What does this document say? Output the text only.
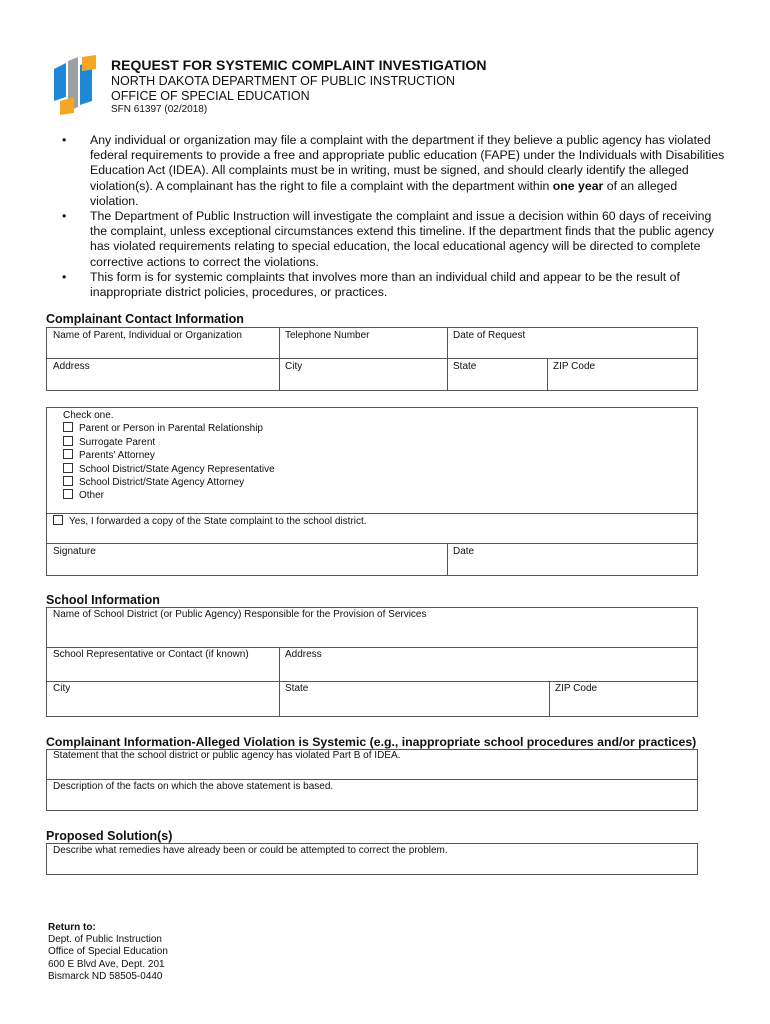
REQUEST FOR SYSTEMIC COMPLAINT INVESTIGATION
NORTH DAKOTA DEPARTMENT OF PUBLIC INSTRUCTION
OFFICE OF SPECIAL EDUCATION
SFN 61397 (02/2018)
•	Any individual or organization may file a complaint with the department if they believe a public agency has violated federal requirements to provide a free and appropriate public education (FAPE) under the Individuals with Disabilities Education Act (IDEA). All complaints must be in writing, must be signed, and should clearly identify the alleged violation(s). A complainant has the right to file a complaint with the department within one year of an alleged violation.
•	The Department of Public Instruction will investigate the complaint and issue a decision within 60 days of receiving the complaint, unless exceptional circumstances extend this timeline. If the department finds that the public agency has violated requirements relating to special education, the local educational agency will be directed to complete corrective actions to correct the violations.
•	This form is for systemic complaints that involves more than an individual child and appear to be the result of inappropriate district policies, procedures, or practices.
Complainant Contact Information
Name of Parent, Individual or Organization	Telephone Number	Date of Request
Address	City	State	ZIP Code
Check one.
Parent or Person in Parental Relationship
Surrogate Parent
Parents' Attorney
School District/State Agency Representative
School District/State Agency Attorney
Other
Yes, I forwarded a copy of the State complaint to the school district.
Signature	Date
School Information
Name of School District (or Public Agency) Responsible for the Provision of Services
School Representative or Contact (if known)	Address
City	State	ZIP Code
Complainant Information-Alleged Violation is Systemic (e.g., inappropriate school procedures and/or practices)
Statement that the school district or public agency has violated Part B of IDEA.
Description of the facts on which the above statement is based.
Proposed Solution(s)
Describe what remedies have already been or could be attempted to correct the problem.
Return to:
Dept. of Public Instruction
Office of Special Education
600 E Blvd Ave, Dept. 201
Bismarck ND 58505-0440
